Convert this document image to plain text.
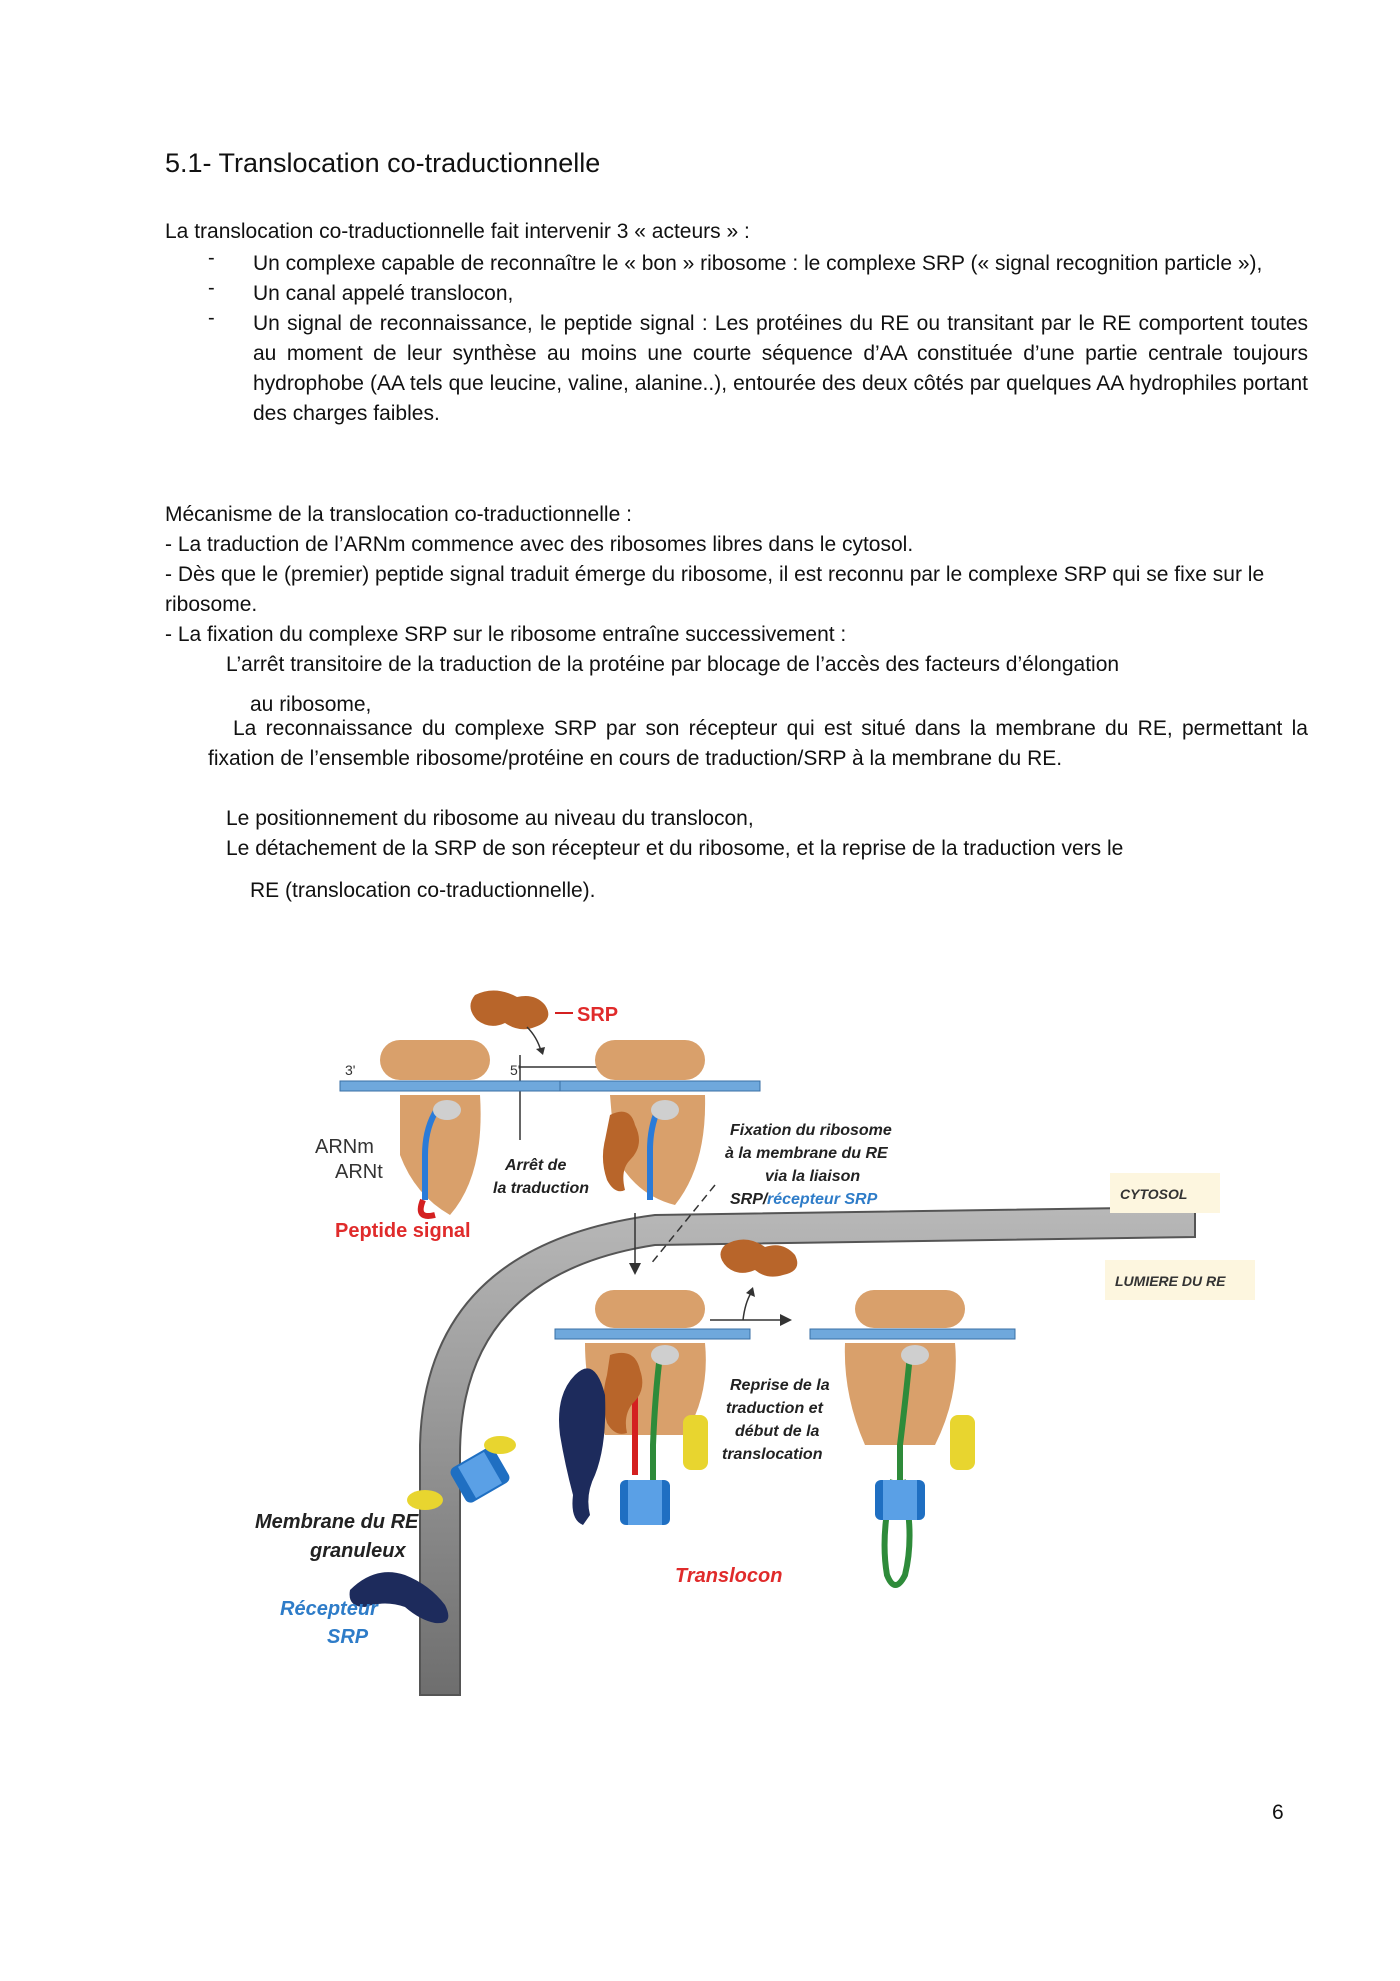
5.1- Translocation co-traductionnelle
La translocation co-traductionnelle fait intervenir 3 « acteurs » :
- Un complexe capable de reconnaître le « bon » ribosome : le complexe SRP (« signal recognition particle »),
- Un canal appelé translocon,
- Un signal de reconnaissance, le peptide signal : Les protéines du RE ou transitant par le RE comportent toutes au moment de leur synthèse au moins une courte séquence d’AA constituée d’une partie centrale toujours hydrophobe (AA tels que leucine, valine, alanine..), entourée des deux côtés par quelques AA hydrophiles portant des charges faibles.
Mécanisme de la translocation co-traductionnelle :
- La traduction de l’ARNm commence avec des ribosomes libres dans le cytosol.
- Dès que le (premier) peptide signal traduit émerge du ribosome, il est reconnu par le complexe SRP qui se fixe sur le ribosome.
- La fixation du complexe SRP sur le ribosome entraîne successivement :
L’arrêt transitoire de la traduction de la protéine par blocage de l’accès des facteurs d’élongation
au ribosome,
La reconnaissance du complexe SRP par son récepteur qui est situé dans la membrane du RE, permettant la fixation de l’ensemble ribosome/protéine en cours de traduction/SRP à la membrane du RE.
Le positionnement du ribosome au niveau du translocon,
Le détachement de la SRP de son récepteur et du ribosome, et la reprise de la traduction vers le
RE (translocation co-traductionnelle).
CYTOSOL
LUMIERE DU RE
SRP
3'	5'
ARNm
ARNt
Peptide signal
Arrêt de
la traduction
Fixation du ribosome
à la membrane du RE
via la liaison
SRP/ récepteur SRP
Reprise de la
traduction et
début de la
translocation
Membrane du RE
granuleux
Récepteur
SRP
Translocon
6
